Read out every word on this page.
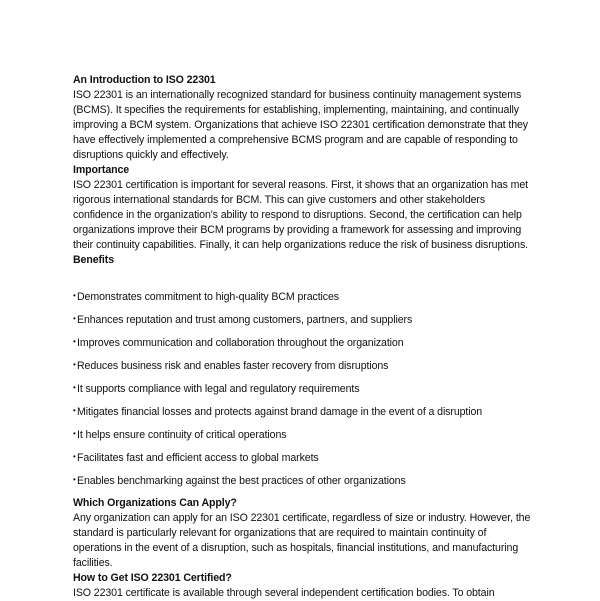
An Introduction to ISO 22301

ISO 22301 is an internationally recognized standard for business continuity management systems (BCMS). It specifies the requirements for establishing, implementing, maintaining, and continually improving a BCM system. Organizations that achieve ISO 22301 certification demonstrate that they have effectively implemented a comprehensive BCMS program and are capable of responding to disruptions quickly and effectively.

Importance

ISO 22301 certification is important for several reasons. First, it shows that an organization has met rigorous international standards for BCM. This can give customers and other stakeholders confidence in the organization's ability to respond to disruptions. Second, the certification can help organizations improve their BCM programs by providing a framework for assessing and improving their continuity capabilities. Finally, it can help organizations reduce the risk of business disruptions.

Benefits
• Demonstrates commitment to high-quality BCM practices
• Enhances reputation and trust among customers, partners, and suppliers
• Improves communication and collaboration throughout the organization
• Reduces business risk and enables faster recovery from disruptions
• It supports compliance with legal and regulatory requirements
• Mitigates financial losses and protects against brand damage in the event of a disruption
• It helps ensure continuity of critical operations
• Facilitates fast and efficient access to global markets
• Enables benchmarking against the best practices of other organizations
Which Organizations Can Apply?

Any organization can apply for an ISO 22301 certificate, regardless of size or industry. However, the standard is particularly relevant for organizations that are required to maintain continuity of operations in the event of a disruption, such as hospitals, financial institutions, and manufacturing facilities.

How to Get ISO 22301 Certified?

ISO 22301 certificate is available through several independent certification bodies. To obtain
